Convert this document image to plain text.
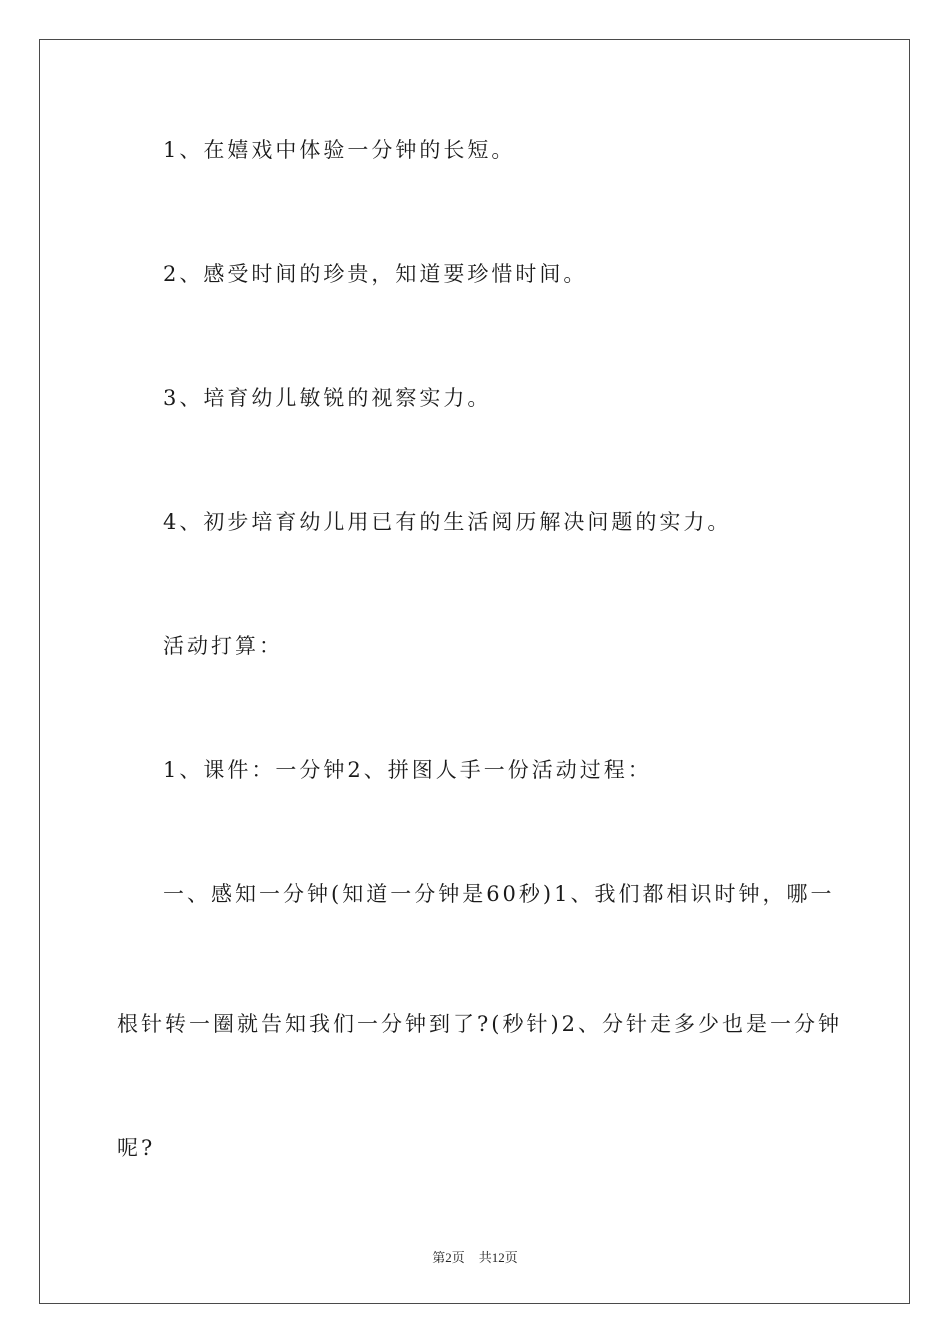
1、在嬉戏中体验一分钟的长短。
2、感受时间的珍贵，知道要珍惜时间。
3、培育幼儿敏锐的视察实力。
4、初步培育幼儿用已有的生活阅历解决问题的实力。
活动打算：
1、课件：一分钟2、拼图人手一份活动过程：
一、感知一分钟(知道一分钟是60秒)1、我们都相识时钟，哪一
根针转一圈就告知我们一分钟到了?(秒针)2、分针走多少也是一分钟
呢?
第2页 共12页
